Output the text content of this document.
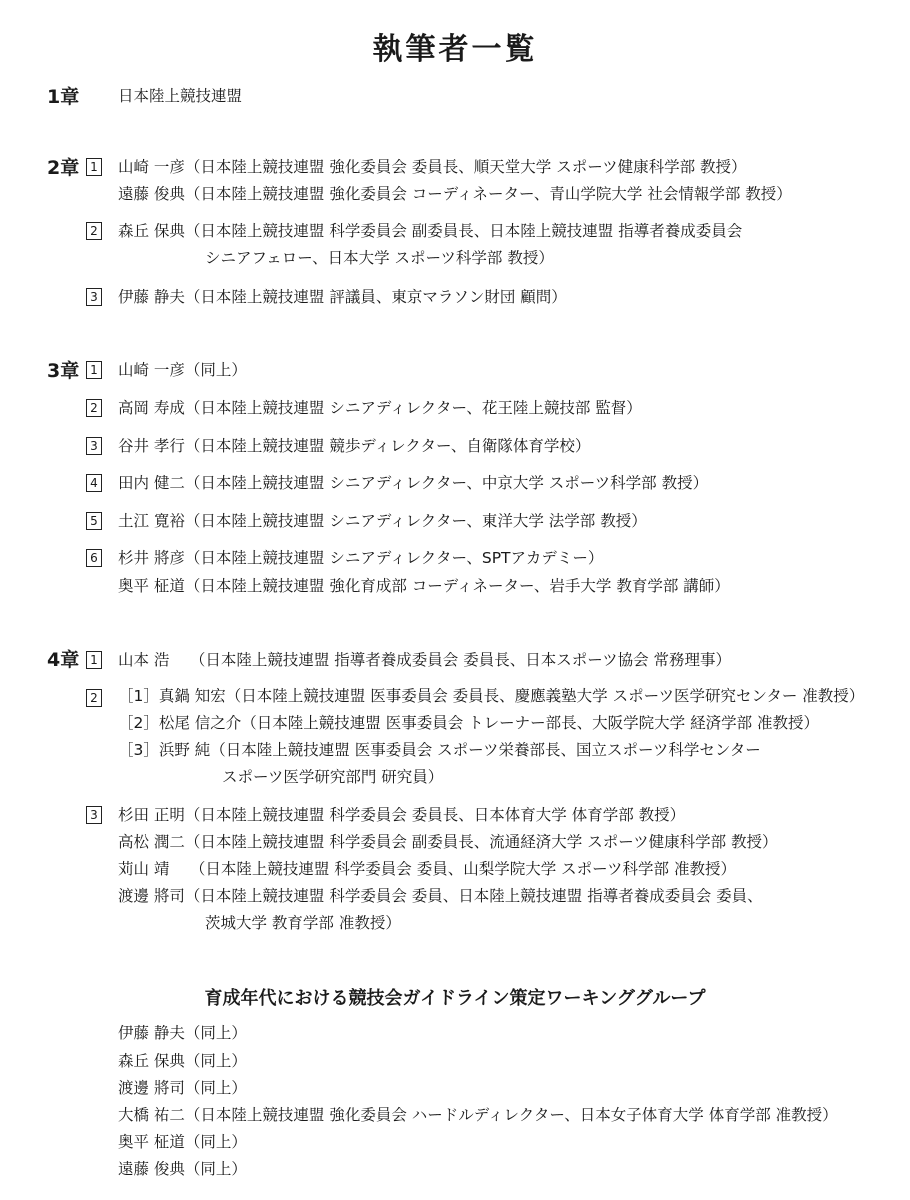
執筆者一覧
1章	日本陸上競技連盟
2章 1 山崎 一彦（日本陸上競技連盟 強化委員会 委員長、順天堂大学 スポーツ健康科学部 教授）
遠藤 俊典（日本陸上競技連盟 強化委員会 コーディネーター、青山学院大学 社会情報学部 教授）
2 森丘 保典（日本陸上競技連盟 科学委員会 副委員長、日本陸上競技連盟 指導者養成委員会
シニアフェロー、日本大学 スポーツ科学部 教授）
3 伊藤 静夫（日本陸上競技連盟 評議員、東京マラソン財団 顧問）
3章 1 山崎 一彦（同上）
2 高岡 寿成（日本陸上競技連盟 シニアディレクター、花王陸上競技部 監督）
3 谷井 孝行（日本陸上競技連盟 競歩ディレクター、自衛隊体育学校）
4 田内 健二（日本陸上競技連盟 シニアディレクター、中京大学 スポーツ科学部 教授）
5 土江 寛裕（日本陸上競技連盟 シニアディレクター、東洋大学 法学部 教授）
6 杉井 將彦（日本陸上競技連盟 シニアディレクター、SPTアカデミー）
奥平 柾道（日本陸上競技連盟 強化育成部 コーディネーター、岩手大学 教育学部 講師）
4章 1 山本 浩　 （日本陸上競技連盟 指導者養成委員会 委員長、日本スポーツ協会 常務理事）
2 ［1］真鍋 知宏（日本陸上競技連盟 医事委員会 委員長、慶應義塾大学 スポーツ医学研究センター 准教授）
［2］松尾 信之介（日本陸上競技連盟 医事委員会 トレーナー部長、大阪学院大学 経済学部 准教授）
［3］浜野 純（日本陸上競技連盟 医事委員会 スポーツ栄養部長、国立スポーツ科学センター
スポーツ医学研究部門 研究員）
3 杉田 正明（日本陸上競技連盟 科学委員会 委員長、日本体育大学 体育学部 教授）
高松 潤二（日本陸上競技連盟 科学委員会 副委員長、流通経済大学 スポーツ健康科学部 教授）
苅山 靖　 （日本陸上競技連盟 科学委員会 委員、山梨学院大学 スポーツ科学部 准教授）
渡邊 將司（日本陸上競技連盟 科学委員会 委員、日本陸上競技連盟 指導者養成委員会 委員、
茨城大学 教育学部 准教授）
育成年代における競技会ガイドライン策定ワーキンググループ
伊藤 静夫（同上）
森丘 保典（同上）
渡邊 將司（同上）
大橋 祐二（日本陸上競技連盟 強化委員会 ハードルディレクター、日本女子体育大学 体育学部 准教授）
奥平 柾道（同上）
遠藤 俊典（同上）
